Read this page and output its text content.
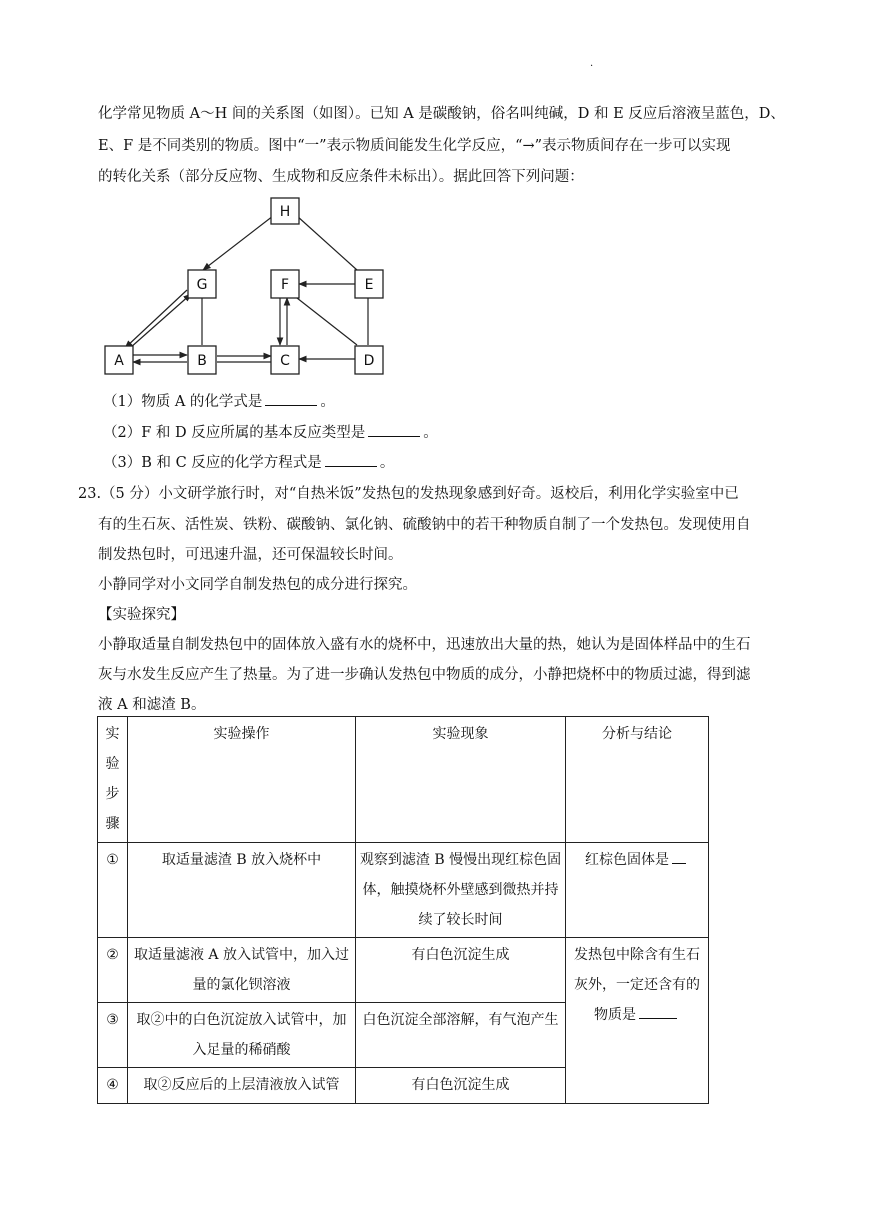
.
化学常见物质 A～H 间的关系图（如图）。已知 A 是碳酸钠，俗名叫纯碱，D 和 E 反应后溶液呈蓝色，D、
E、F 是不同类别的物质。图中“一”表示物质间能发生化学反应，“→”表示物质间存在一步可以实现
的转化关系（部分反应物、生成物和反应条件未标出）。据此回答下列问题：
H
G	F	E
A	B	C	D
（1）物质 A 的化学式是	。
（2）F 和 D 反应所属的基本反应类型是	。
（3）B 和 C 反应的化学方程式是	。
23.（5 分）小文研学旅行时，对“自热米饭”发热包的发热现象感到好奇。返校后，利用化学实验室中已
有的生石灰、活性炭、铁粉、碳酸钠、氯化钠、硫酸钠中的若干种物质自制了一个发热包。发现使用自
制发热包时，可迅速升温，还可保温较长时间。
小静同学对小文同学自制发热包的成分进行探究。
【实验探究】
小静取适量自制发热包中的固体放入盛有水的烧杯中，迅速放出大量的热，她认为是固体样品中的生石
灰与水发生反应产生了热量。为了进一步确认发热包中物质的成分，小静把烧杯中的物质过滤，得到滤
液 A 和滤渣 B。
实
验
步
骤	实验操作	实验现象	分析与结论
①	取适量滤渣 B 放入烧杯中	观察到滤渣 B 慢慢出现红棕色固体，触摸烧杯外壁感到微热并持续了较长时间	红棕色固体是
②	取适量滤液 A 放入试管中，加入过量的氯化钡溶液	有白色沉淀生成	发热包中除含有生石灰外，一定还含有的物质是
③	取②中的白色沉淀放入试管中，加入足量的稀硝酸	白色沉淀全部溶解，有气泡产生	
④	取②反应后的上层清液放入试管	有白色沉淀生成	
